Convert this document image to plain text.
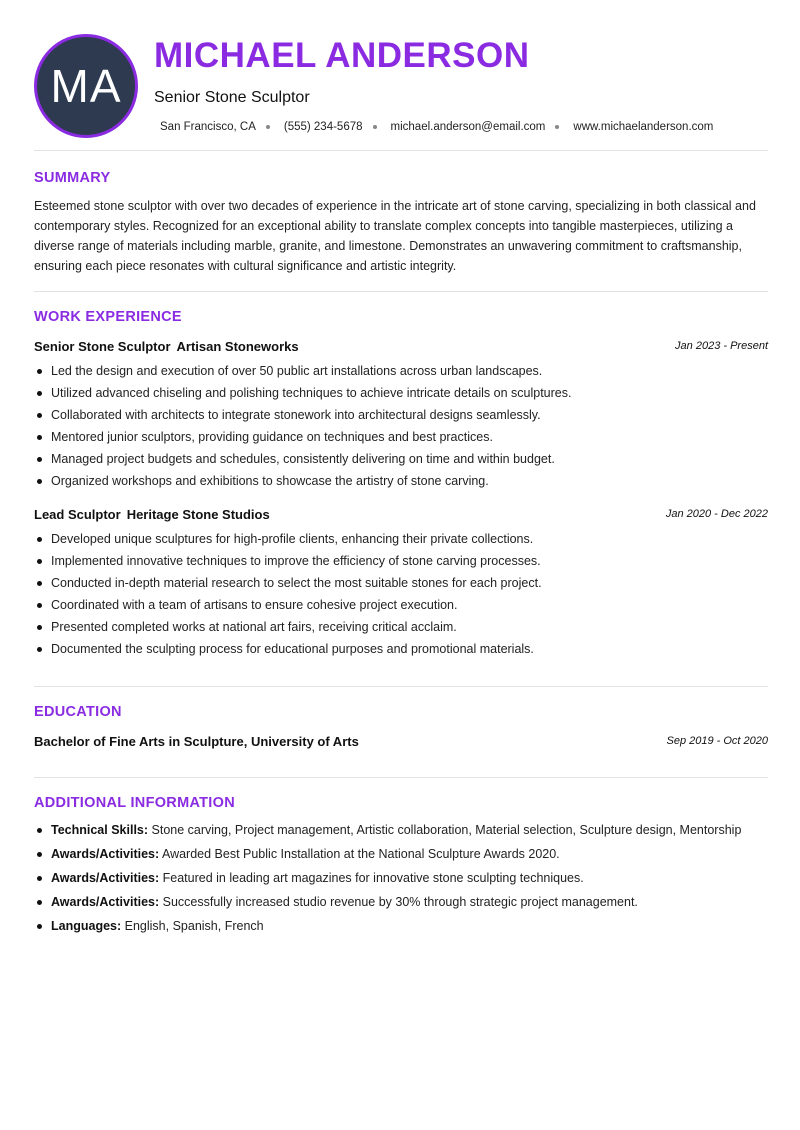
MA
MICHAEL ANDERSON
Senior Stone Sculptor
San Francisco, CA (555) 234-5678 michael.anderson@email.com www.michaelanderson.com
SUMMARY
Esteemed stone sculptor with over two decades of experience in the intricate art of stone carving, specializing in both classical and contemporary styles. Recognized for an exceptional ability to translate complex concepts into tangible masterpieces, utilizing a diverse range of materials including marble, granite, and limestone. Demonstrates an unwavering commitment to craftsmanship, ensuring each piece resonates with cultural significance and artistic integrity.
WORK EXPERIENCE
Senior Stone Sculptor Artisan Stoneworks	Jan 2023 - Present
Led the design and execution of over 50 public art installations across urban landscapes.
Utilized advanced chiseling and polishing techniques to achieve intricate details on sculptures.
Collaborated with architects to integrate stonework into architectural designs seamlessly.
Mentored junior sculptors, providing guidance on techniques and best practices.
Managed project budgets and schedules, consistently delivering on time and within budget.
Organized workshops and exhibitions to showcase the artistry of stone carving.
Lead Sculptor Heritage Stone Studios	Jan 2020 - Dec 2022
Developed unique sculptures for high-profile clients, enhancing their private collections.
Implemented innovative techniques to improve the efficiency of stone carving processes.
Conducted in-depth material research to select the most suitable stones for each project.
Coordinated with a team of artisans to ensure cohesive project execution.
Presented completed works at national art fairs, receiving critical acclaim.
Documented the sculpting process for educational purposes and promotional materials.
EDUCATION
Bachelor of Fine Arts in Sculpture, University of Arts	Sep 2019 - Oct 2020
ADDITIONAL INFORMATION
Technical Skills: Stone carving, Project management, Artistic collaboration, Material selection, Sculpture design, Mentorship
Awards/Activities: Awarded Best Public Installation at the National Sculpture Awards 2020.
Awards/Activities: Featured in leading art magazines for innovative stone sculpting techniques.
Awards/Activities: Successfully increased studio revenue by 30% through strategic project management.
Languages: English, Spanish, French
